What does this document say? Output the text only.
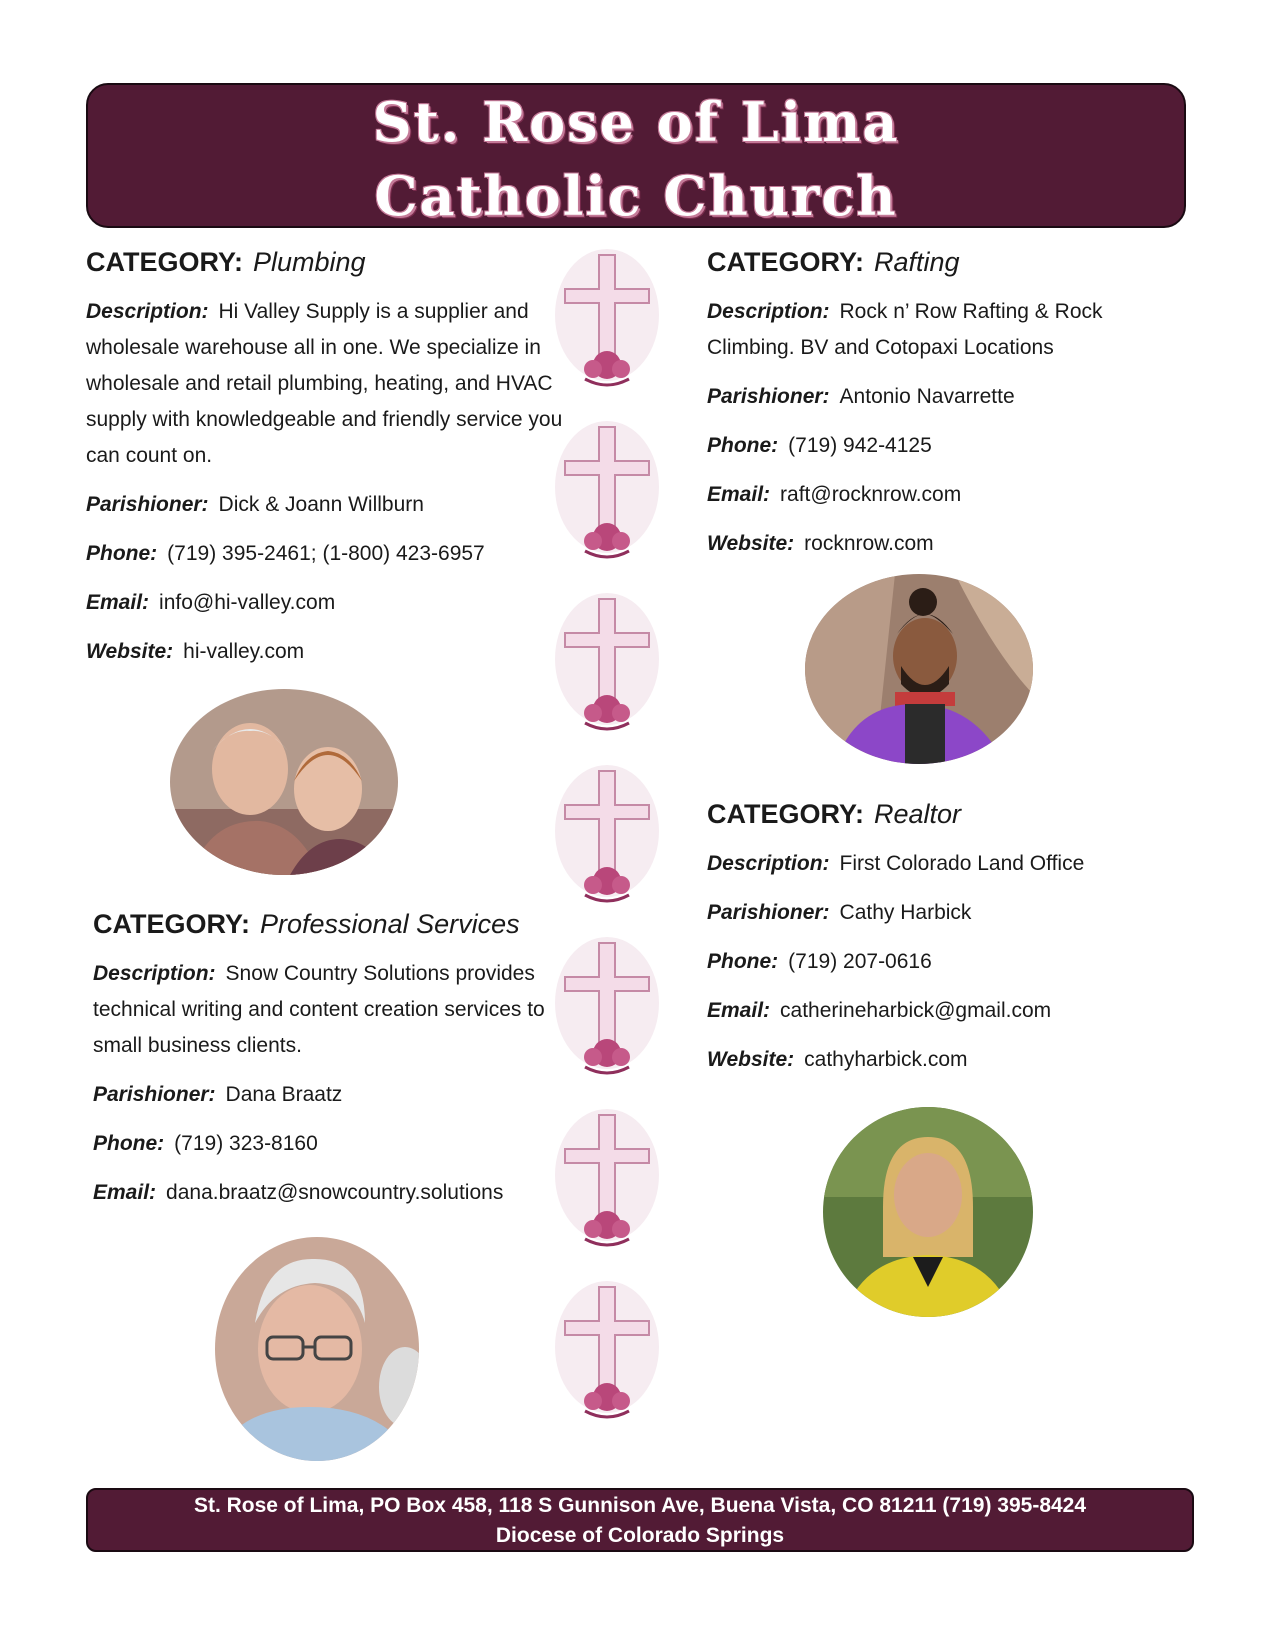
St. Rose of Lima
Catholic Church
CATEGORY: Plumbing
Description: Hi Valley Supply is a supplier and wholesale warehouse all in one. We specialize in wholesale and retail plumbing, heating, and HVAC supply with knowledgeable and friendly service you can count on.
Parishioner: Dick & Joann Willburn
Phone: (719) 395-2461; (1-800) 423-6957
Email: info@hi-valley.com
Website: hi-valley.com
CATEGORY: Rafting
Description: Rock n’ Row Rafting & Rock Climbing. BV and Cotopaxi Locations
Parishioner: Antonio Navarrette
Phone: (719) 942-4125
Email: raft@rocknrow.com
Website: rocknrow.com
CATEGORY: Realtor
Description: First Colorado Land Office
Parishioner: Cathy Harbick
Phone: (719) 207-0616
Email: catherineharbick@gmail.com
Website: cathyharbick.com
CATEGORY: Professional Services
Description: Snow Country Solutions provides technical writing and content creation services to small business clients.
Parishioner: Dana Braatz
Phone: (719) 323-8160
Email: dana.braatz@snowcountry.solutions
St. Rose of Lima, PO Box 458, 118 S Gunnison Ave, Buena Vista, CO 81211 (719) 395-8424
Diocese of Colorado Springs
